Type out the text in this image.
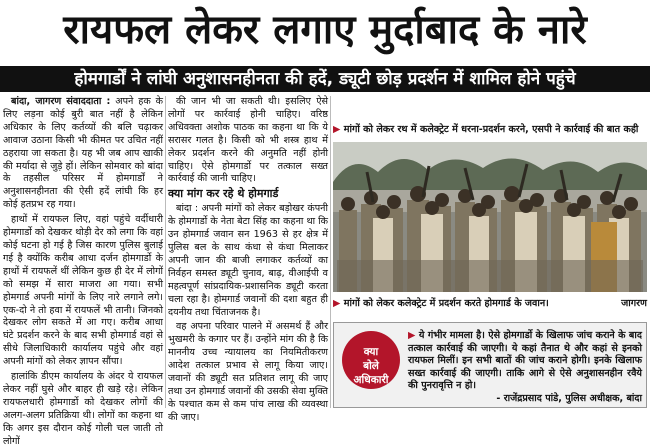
रायफल लेकर लगाए मुर्दाबाद के नारे
होमगार्डों ने लांघी अनुशासनहीनता की हदें, ड्यूटी छोड़ प्रदर्शन में शामिल होने पहुंचे

बांदा, जागरण संवाददाता : अपने हक के लिए लड़ना कोई बुरी बात नहीं है लेकिन अधिकार के लिए कर्तव्यों की बलि चढ़ाकर आवाज उठाना किसी भी कीमत पर उचित नहीं ठहराया जा सकता है। यह भी जब आप खाकी की मर्यादा से जुड़े हों। लेकिन सोमवार को बांदा के तहसील परिसर में होमगार्डों ने अनुशासनहीनता की ऐसी हदें लांघी कि हर कोई हतप्रभ रह गया।

हाथों में रायफल लिए, वहां पहुंचे वर्दीधारी होमगार्डो को देखकर थोड़ी देर को लगा कि वहां कोई घटना हो गई है जिस कारण पुलिस बुलाई गई है क्योंकि करीब आधा दर्जन होमगार्डो के हाथों में रायफलें थीं लेकिन कुछ ही देर में लोगों को समझ में सारा माजरा आ गया। सभी होमगार्ड अपनी मांगों के लिए नारे लगाने लगे। एक-दो ने तो हवा में रायफलें भी तानी। जिनको देखकर लोग सकते में आ गए। करीब आधा घंटे प्रदर्शन करने के बाद सभी होमगार्ड वहां से सीधे जिलाधिकारी कार्यालय पहुंचे और वहां अपनी मांगों को लेकर ज्ञापन सौंपा।

हालांकि डीएम कार्यालय के अंदर ये रायफल लेकर नहीं घुसे और बाहर ही खड़े रहे। लेकिन रायफलधारी होमगार्डो को देखकर लोगों की अलग-अलग प्रतिक्रिया थी। लोगों का कहना था कि अगर इस दौरान कोई गोली चल जाती तो लोगों

की जान भी जा सकती थी। इसलिए ऐसे लोगों पर कार्रवाई होनी चाहिए। वरिष्ठ अधिवक्ता अशोक पाठक का कहना था कि ये सरासर गलत है। किसी को भी शस्त्र हाथ में लेकर प्रदर्शन करने की अनुमति नहीं होनी चाहिए। ऐसे होमगार्डो पर तत्काल सख्त कार्रवाई की जानी चाहिए।

क्या मांग कर रहे थे होमगार्ड

बांदा : अपनी मांगों को लेकर बड़ोखर कंपनी के होमगार्डो के नेता बेटा सिंह का कहना था कि उन होमगार्ड जवान सन 1963 से हर क्षेत्र में पुलिस बल के साथ कंधा से कंधा मिलाकर अपनी जान की बाजी लगाकर कर्तव्यों का निर्वहन समस्त ड्यूटी चुनाव, बाढ़, वीआईपी व महत्वपूर्ण सांप्रदायिक-प्रशासनिक ड्यूटी करता चला रहा है। होमगार्ड जवानों की दशा बहुत ही दयनीय तथा चिंताजनक है।

वह अपना परिवार पालने में असमर्थ हैं और भुखमरी के कगार पर हैं। उन्होंने मांग की है कि माननीय उच्च न्यायालय का नियमितीकरण आदेश तत्काल प्रभाव से लागू किया जाए। जवानों की ड्यूटी सत प्रतिशत लागू की जाए तथा उन होमगार्ड जवानों की उसकी सेवा मुक्ति के पश्चात कम से कम पांच लाख की व्यवस्था की जाए।

▶ मांगों को लेकर रथ में कलेक्ट्रेट में धरना-प्रदर्शन करने, एसपी ने कार्रवाई की बात कही
▶ मांगों को लेकर कलेक्ट्रेट में प्रदर्शन करते होमगार्ड के जवान।	जागरण
क्या
बोले
अधिकारी
▶ ये गंभीर मामला है। ऐसे होमगार्डो के खिलाफ जांच कराने के बाद तत्काल कार्रवाई की जाएगी। ये कहां तैनात थे और कहां से इनको रायफल मिलीं। इन सभी बातों की जांच कराने होगी। इनके खिलाफ सख्त कार्रवाई की जाएगी। ताकि आगे से ऐसे अनुशासनहीन रवैये की पुनरावृत्ति न हो।
- राजेंद्रप्रसाद पांडे, पुलिस अधीक्षक, बांदा
